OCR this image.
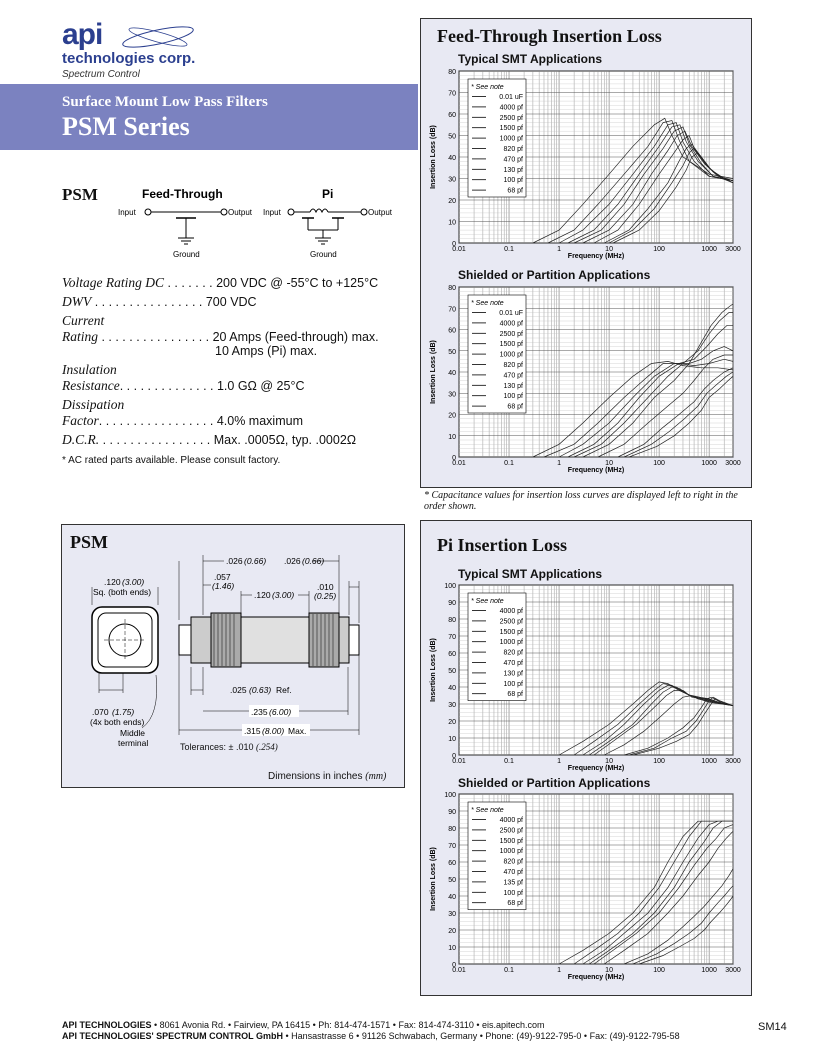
api
technologies corp.
Spectrum Control
Surface Mount Low Pass Filters
PSM Series
PSM	Feed-Through	Pi
Input	Output
Ground
Input	Output
Ground
Voltage Rating DC . . . . . . . 200 VDC @ -55°C to +125°C
DWV . . . . . . . . . . . . . . . . 700 VDC
Current
Rating . . . . . . . . . . . . . . . . 20 Amps (Feed-through) max.
10 Amps (Pi) max.
Insulation
Resistance. . . . . . . . . . . . . . 1.0 GΩ @ 25°C
Dissipation
Factor. . . . . . . . . . . . . . . . . 4.0% maximum
D.C.R. . . . . . . . . . . . . . . . . Max. .0005Ω, typ. .0002Ω
* AC rated parts available. Please consult factory.
PSM
.120 (3.00)
Sq. (both ends)
.070 (1.75)
(4x both ends)
Middle
terminal
.026 (0.66) .026 (0.66)
.057
(1.46)	.010
(0.25)
.120 (3.00)
.025 (0.63) Ref.
.235 (6.00)
.315 (8.00) Max.
Tolerances: ± .010 (.254)
Dimensions in inches (mm)
Feed-Through Insertion Loss
Pi Insertion Loss
Typical SMT Applications
0
10
20
30
40
50
60
70
80
0.01	0.1	1	10	100	1000 3000
Frequency (MHz)
Insertion Loss (dB)
* See note
0.01 uF
4000 pf
2500 pf
1500 pf
1000 pf
820 pf
470 pf
130 pf
100 pf
68 pf
Shielded or Partition Applications
0
10
20
30
40
50
60
70
80
0.01	0.1	1	10	100	1000 3000
Frequency (MHz)
Insertion Loss (dB)
* See note
0.01 uF
4000 pf
2500 pf
1500 pf
1000 pf
820 pf
470 pf
130 pf
100 pf
68 pf
Typical SMT Applications
0
10
20
30
40
50
60
70
80
90
100
0.01	0.1	1	10	100	1000 3000
Frequency (MHz)
Insertion Loss (dB)
* See note
4000 pf
2500 pf
1500 pf
1000 pf
820 pf
470 pf
130 pf
100 pf
68 pf
Shielded or Partition Applications
0
10
20
30
40
50
60
70
80
90
100
0.01	0.1	1	10	100	1000 3000
Frequency (MHz)
Insertion Loss (dB)
* See note
4000 pf
2500 pf
1500 pf
1000 pf
820 pf
470 pf
135 pf
100 pf
68 pf
* Capacitance values for insertion loss curves are displayed left to right in the order shown.
API TECHNOLOGIES • 8061 Avonia Rd. • Fairview, PA 16415 • Ph: 814-474-1571 • Fax: 814-474-3110 • eis.apitech.com
API TECHNOLOGIES' SPECTRUM CONTROL GmbH • Hansastrasse 6 • 91126 Schwabach, Germany • Phone: (49)-9122-795-0 • Fax: (49)-9122-795-58
SM14
